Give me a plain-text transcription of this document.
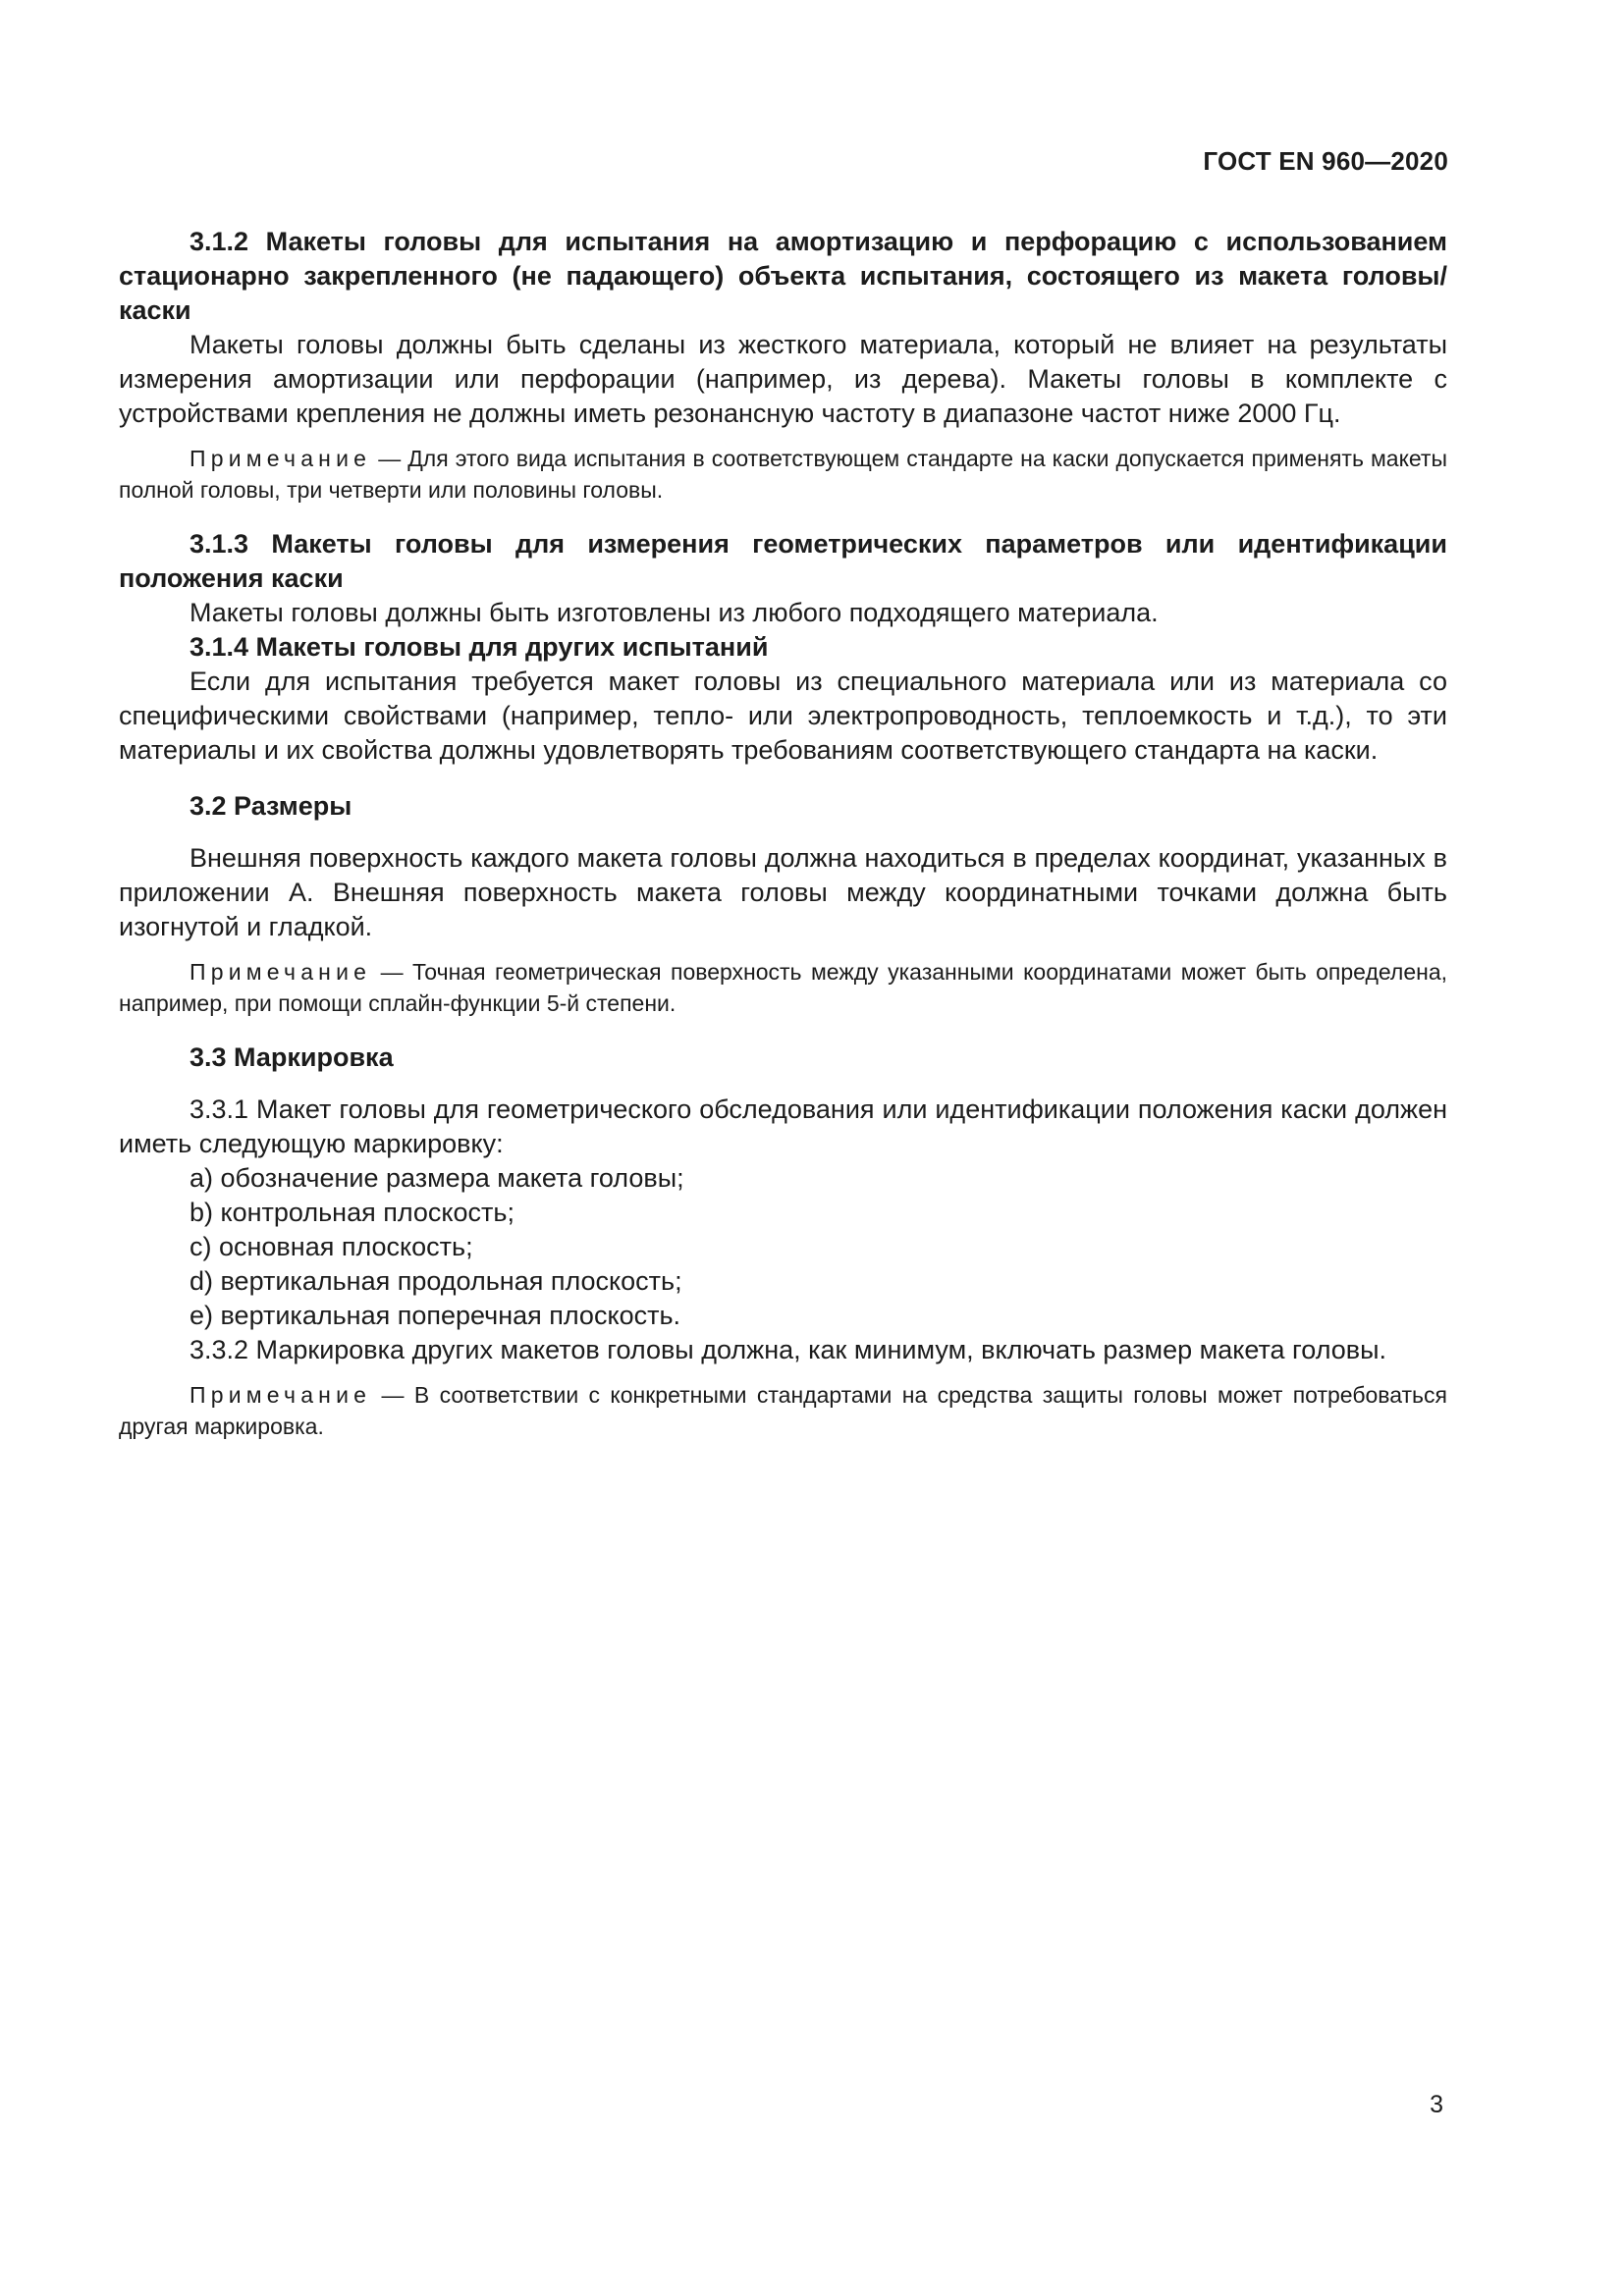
ГОСТ EN 960—2020

3.1.2 Макеты головы для испытания на амортизацию и перфорацию с использованием стационарно закрепленного (не падающего) объекта испытания, состоящего из макета головы/каски

Макеты головы должны быть сделаны из жесткого материала, который не влияет на результаты измерения амортизации или перфорации (например, из дерева). Макеты головы в комплекте с устройствами крепления не должны иметь резонансную частоту в диапазоне частот ниже 2000 Гц.

Примечание — Для этого вида испытания в соответствующем стандарте на каски допускается применять макеты полной головы, три четверти или половины головы.

3.1.3 Макеты головы для измерения геометрических параметров или идентификации положения каски

Макеты головы должны быть изготовлены из любого подходящего материала.

3.1.4 Макеты головы для других испытаний

Если для испытания требуется макет головы из специального материала или из материала со специфическими свойствами (например, тепло- или электропроводность, теплоемкость и т.д.), то эти материалы и их свойства должны удовлетворять требованиям соответствующего стандарта на каски.

3.2 Размеры

Внешняя поверхность каждого макета головы должна находиться в пределах координат, указанных в приложении А. Внешняя поверхность макета головы между координатными точками должна быть изогнутой и гладкой.

Примечание — Точная геометрическая поверхность между указанными координатами может быть определена, например, при помощи сплайн-функции 5-й степени.

3.3 Маркировка

3.3.1 Макет головы для геометрического обследования или идентификации положения каски должен иметь следующую маркировку:

a) обозначение размера макета головы;

b) контрольная плоскость;

c) основная плоскость;

d) вертикальная продольная плоскость;

e) вертикальная поперечная плоскость.

3.3.2 Маркировка других макетов головы должна, как минимум, включать размер макета головы.

Примечание — В соответствии с конкретными стандартами на средства защиты головы может потребоваться другая маркировка.

3
